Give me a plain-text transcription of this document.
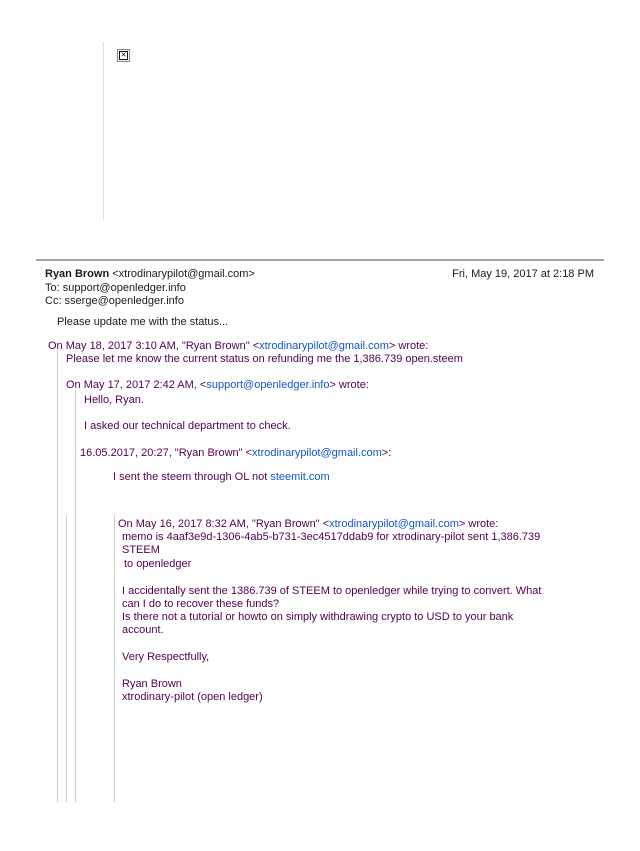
✕
Ryan Brown <xtrodinarypilot@gmail.com>	Fri, May 19, 2017 at 2:18 PM
To: support@openledger.info
Cc: sserge@openledger.info
Please update me with the status...
On May 18, 2017 3:10 AM, "Ryan Brown" <xtrodinarypilot@gmail.com> wrote:
Please let me know the current status on refunding me the 1,386.739 open.steem
On May 17, 2017 2:42 AM, <support@openledger.info> wrote:
Hello, Ryan.
I asked our technical department to check.
16.05.2017, 20:27, "Ryan Brown" <xtrodinarypilot@gmail.com>:
I sent the steem through OL not steemit.com
On May 16, 2017 8:32 AM, "Ryan Brown" <xtrodinarypilot@gmail.com> wrote:
memo is 4aaf3e9d-1306-4ab5-b731-3ec4517ddab9 for xtrodinary-pilot sent 1,386.739
STEEM
to openledger
I accidentally sent the 1386.739 of STEEM to openledger while trying to convert. What
can I do to recover these funds?
Is there not a tutorial or howto on simply withdrawing crypto to USD to your bank
account.
Very Respectfully,
Ryan Brown
xtrodinary-pilot (open ledger)
